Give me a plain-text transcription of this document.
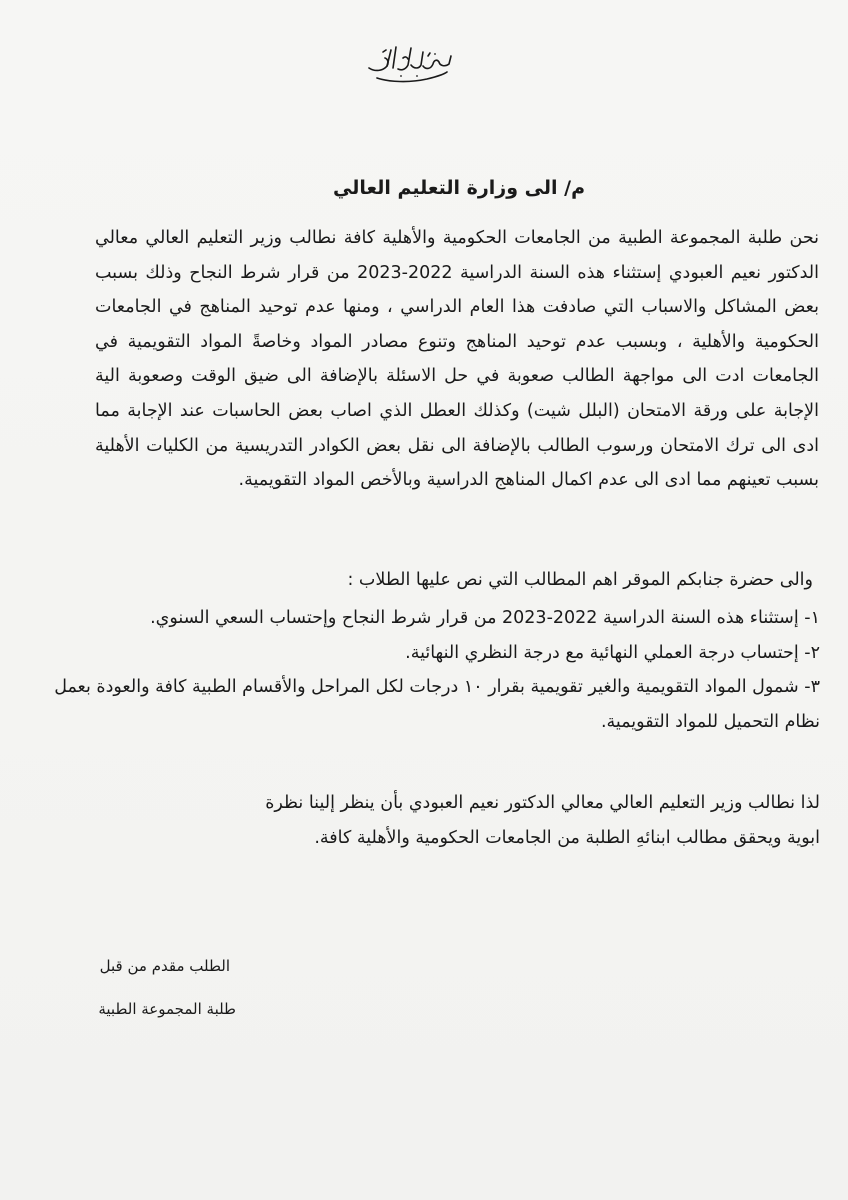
م/ الى وزارة التعليم العالي
نحن طلبة المجموعة الطبية من الجامعات الحكومية والأهلية كافة نطالب وزير التعليم العالي معالي الدكتور نعيم العبودي إستثناء هذه السنة الدراسية 2022-2023 من قرار شرط النجاح وذلك بسبب بعض المشاكل والاسباب التي صادفت هذا العام الدراسي ، ومنها عدم توحيد المناهج في الجامعات الحكومية والأهلية ، وبسبب عدم توحيد المناهج وتنوع مصادر المواد وخاصةً المواد التقويمية في الجامعات ادت الى مواجهة الطالب صعوبة في حل الاسئلة بالإضافة الى ضيق الوقت وصعوبة الية الإجابة على ورقة الامتحان (البلل شيت) وكذلك العطل الذي اصاب بعض الحاسبات عند الإجابة مما ادى الى ترك الامتحان ورسوب الطالب بالإضافة الى نقل بعض الكوادر التدريسية من الكليات الأهلية بسبب تعينهم مما ادى الى عدم اكمال المناهج الدراسية وبالأخص المواد التقويمية.
والى حضرة جنابكم الموقر اهم المطالب التي نص عليها الطلاب :
١- إستثناء هذه السنة الدراسية 2022-2023 من قرار شرط النجاح وإحتساب السعي السنوي.
٢- إحتساب درجة العملي النهائية مع درجة النظري النهائية.
٣- شمول المواد التقويمية والغير تقويمية بقرار ١٠ درجات لكل المراحل والأقسام الطبية كافة والعودة بعمل نظام التحميل للمواد التقويمية.
لذا نطالب وزير التعليم العالي معالي الدكتور نعيم العبودي بأن ينظر إلينا نظرة ابوية ويحقق مطالب ابنائهِ الطلبة من الجامعات الحكومية والأهلية كافة.
الطلب مقدم من قبل
طلبة المجموعة الطبية
